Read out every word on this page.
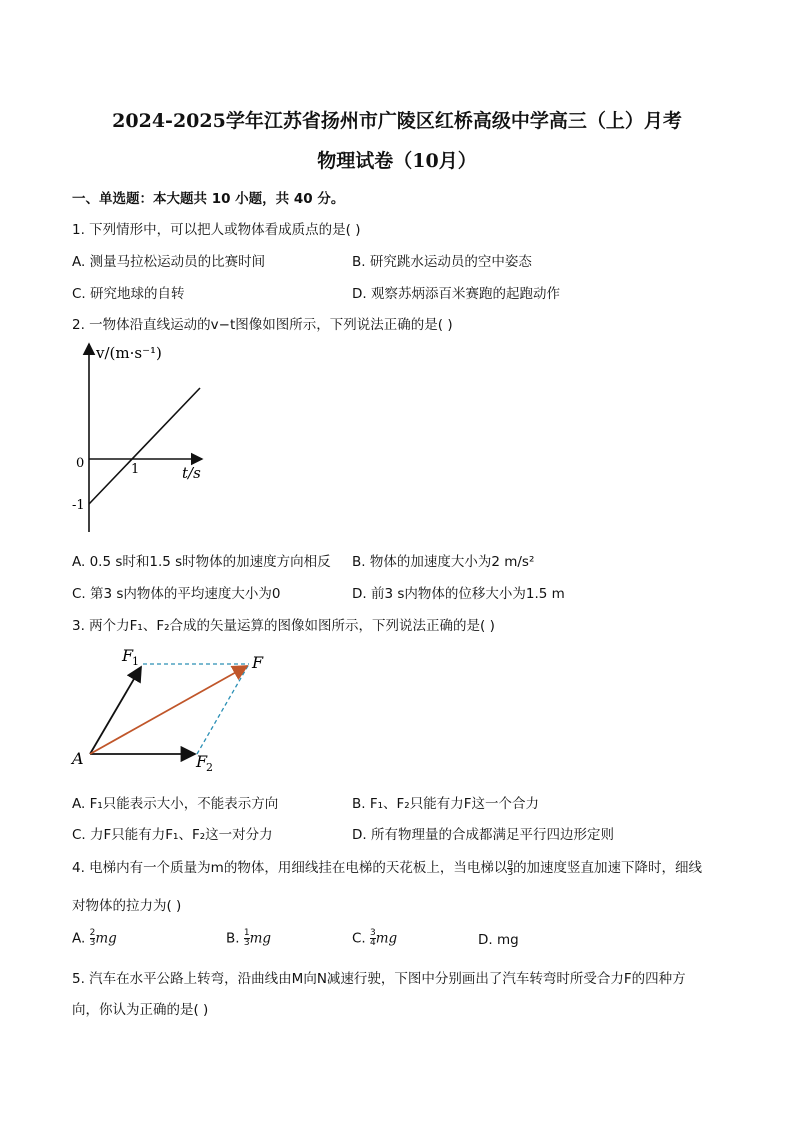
2024-2025学年江苏省扬州市广陵区红桥高级中学高三（上）月考
物理试卷（10月）
一、单选题：本大题共 10 小题，共 40 分。
1. 下列情形中，可以把人或物体看成质点的是( )
A. 测量马拉松运动员的比赛时间	B. 研究跳水运动员的空中姿态
C. 研究地球的自转	D. 观察苏炳添百米赛跑的起跑动作
2. 一物体沿直线运动的v−t图像如图所示，下列说法正确的是( )
v/(m·s⁻¹)
t/s
0	1
-1
A. 0.5 s时和1.5 s时物体的加速度方向相反 B. 物体的加速度大小为2 m/s²
C. 第3 s内物体的平均速度大小为0	D. 前3 s内物体的位移大小为1.5 m
3. 两个力F₁、F₂合成的矢量运算的图像如图所示，下列说法正确的是( )
A
F
F
1
F
2
A. F₁只能表示大小，不能表示方向	B. F₁、F₂只能有力F这一个合力
C. 力F只能有力F₁、F₂这一对分力	D. 所有物理量的合成都满足平行四边形定则
4. 电梯内有一个质量为m的物体，用细线挂在电梯的天花板上，当电梯以 $\frac{g}{3}$ 的加速度竖直加速下降时，细线
对物体的拉力为( )
A. $\frac{2}{3}$ mg	B. $\frac{1}{3}$ mg	C. $\frac{3}{4}$ mg	D. mg
5. 汽车在水平公路上转弯，沿曲线由M向N减速行驶，下图中分别画出了汽车转弯时所受合力F的四种方
向，你认为正确的是( )
